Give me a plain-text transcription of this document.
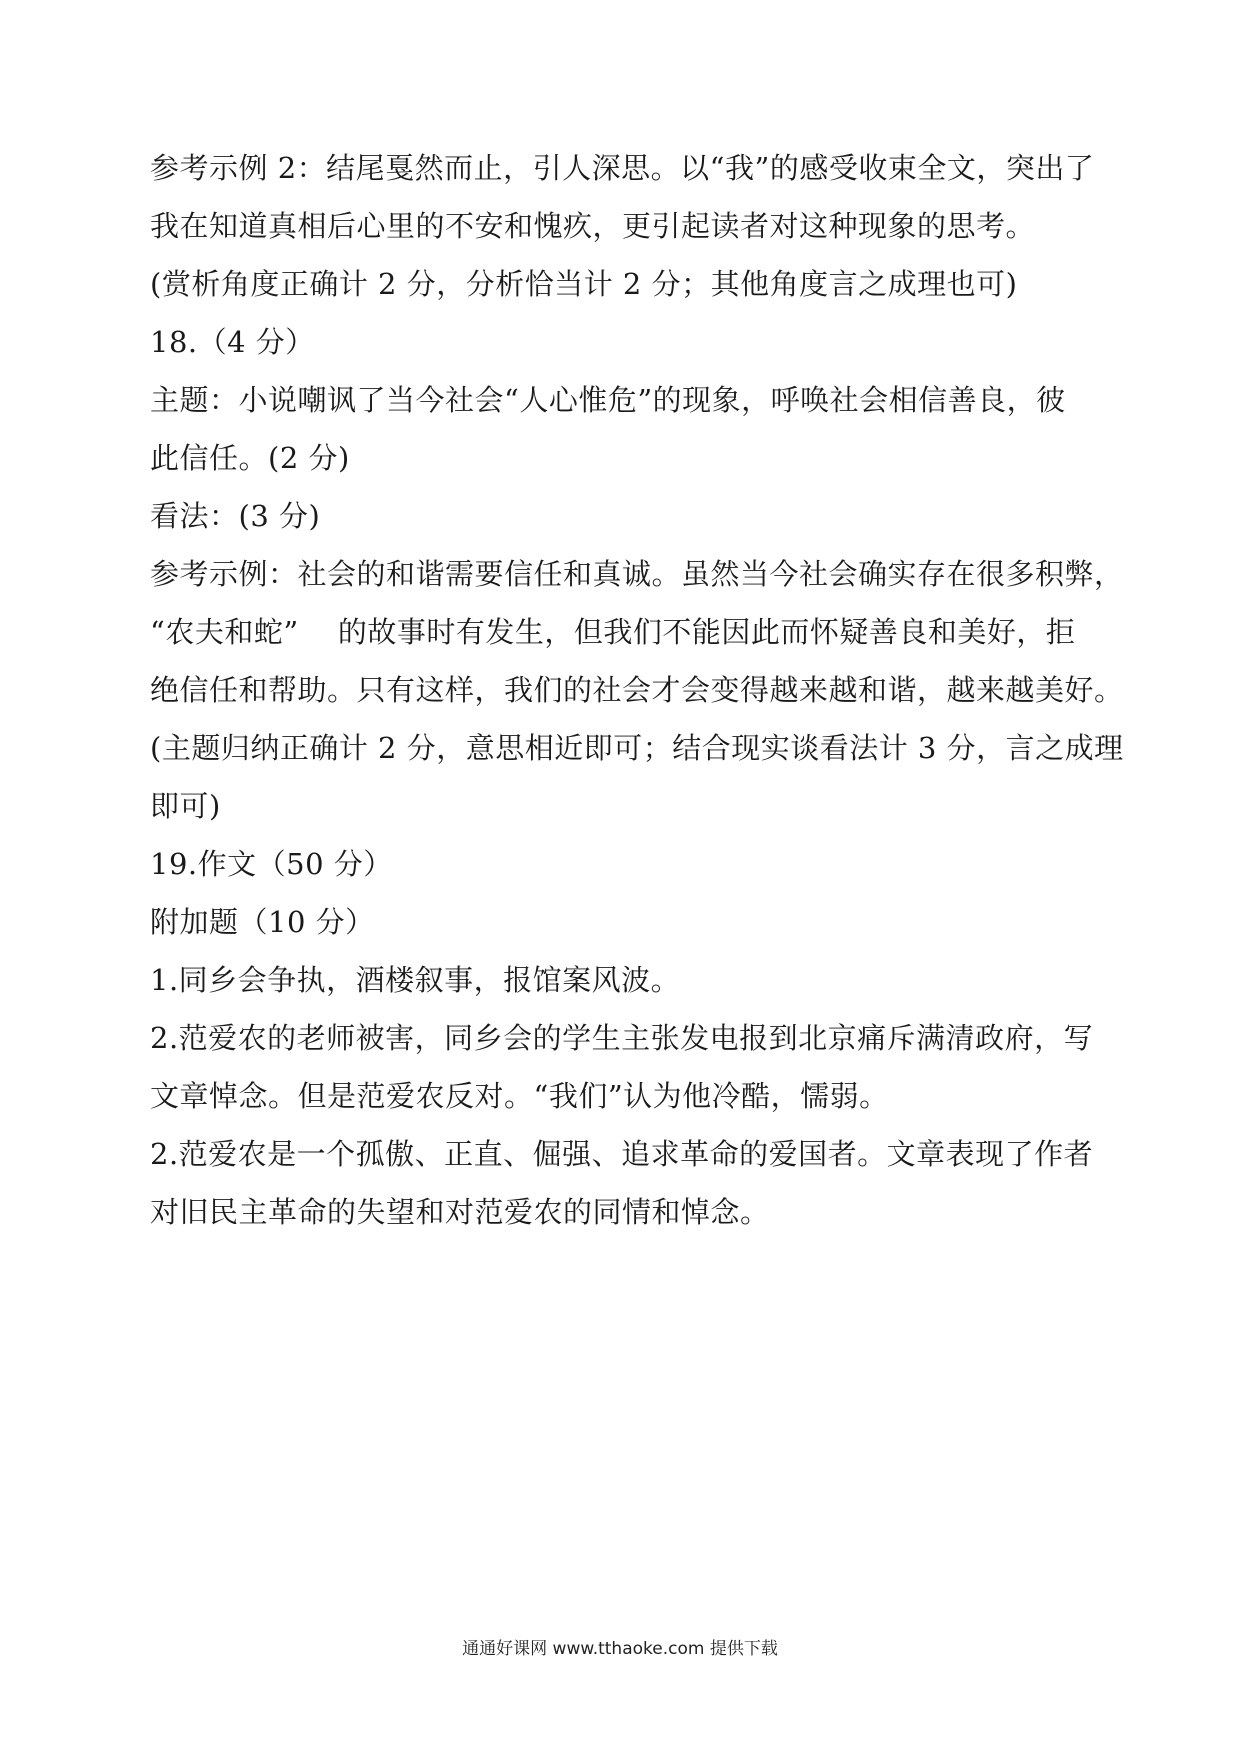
参考示例 2：结尾戛然而止，引人深思。以“我”的感受收束全文，突出了
我在知道真相后心里的不安和愧疚，更引起读者对这种现象的思考。
(赏析角度正确计 2 分，分析恰当计 2 分；其他角度言之成理也可)
18.（4 分）
主题：小说嘲讽了当今社会“人心惟危”的现象，呼唤社会相信善良，彼
此信任。(2 分)
看法：(3 分)
参考示例：社会的和谐需要信任和真诚。虽然当今社会确实存在很多积弊，
“农夫和蛇”　 的故事时有发生，但我们不能因此而怀疑善良和美好，拒
绝信任和帮助。只有这样，我们的社会才会变得越来越和谐，越来越美好。
(主题归纳正确计 2 分，意思相近即可；结合现实谈看法计 3 分，言之成理
即可)
19.作文（50 分）
附加题（10 分）
1.同乡会争执，酒楼叙事，报馆案风波。
2.范爱农的老师被害，同乡会的学生主张发电报到北京痛斥满清政府，写
文章悼念。但是范爱农反对。“我们”认为他冷酷，懦弱。
2.范爱农是一个孤傲、正直、倔强、追求革命的爱国者。文章表现了作者
对旧民主革命的失望和对范爱农的同情和悼念。
通通好课网 www.tthaoke.com 提供下载
